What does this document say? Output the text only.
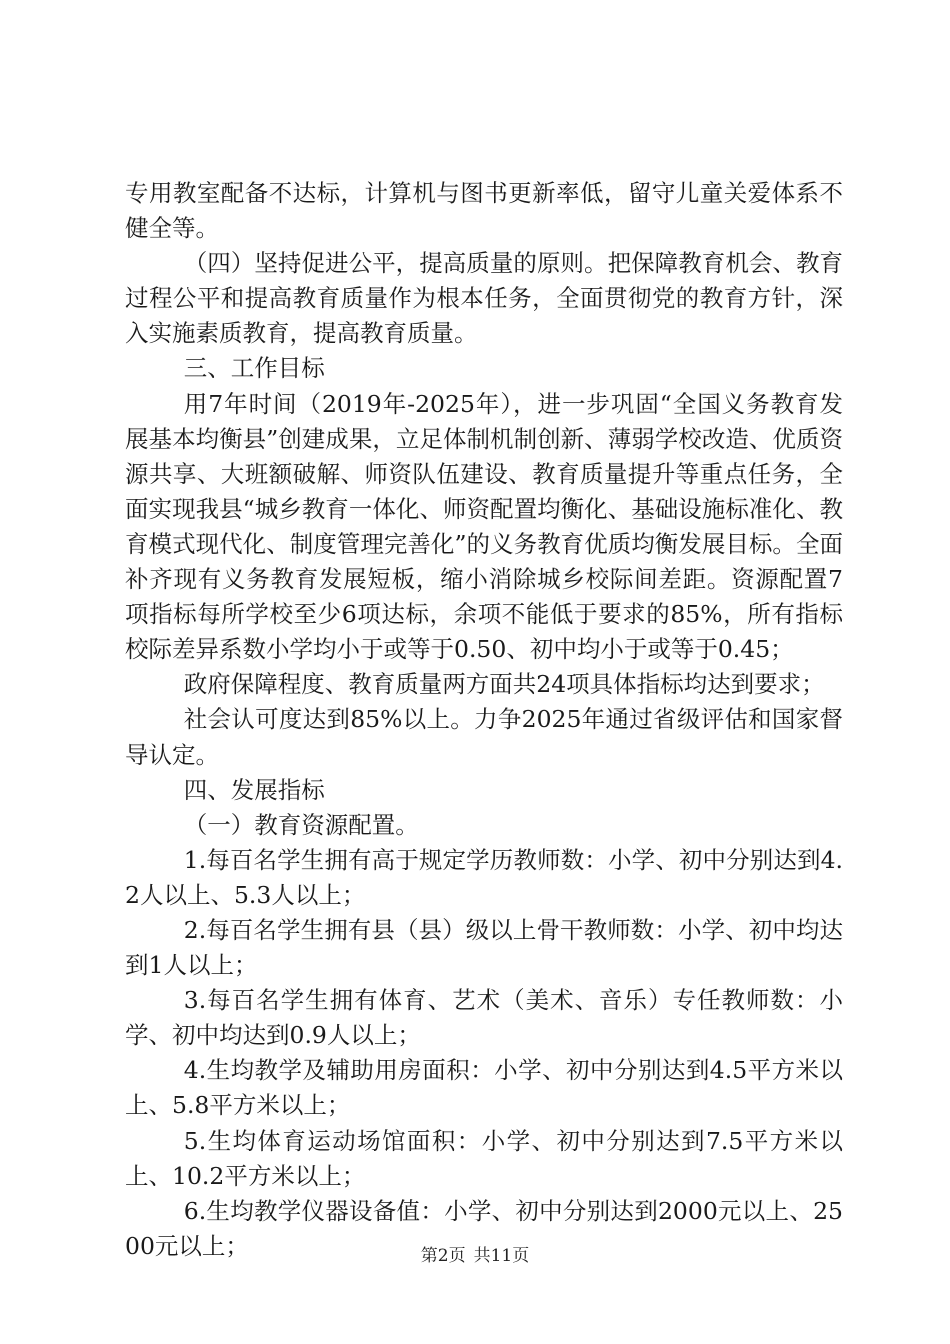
专用教室配备不达标，计算机与图书更新率低，留守儿童关爱体系不健全等。

（四）坚持促进公平，提高质量的原则。把保障教育机会、教育过程公平和提高教育质量作为根本任务，全面贯彻党的教育方针，深入实施素质教育，提高教育质量。

三、工作目标

用7年时间（2019年-2025年），进一步巩固“全国义务教育发展基本均衡县”创建成果，立足体制机制创新、薄弱学校改造、优质资源共享、大班额破解、师资队伍建设、教育质量提升等重点任务，全面实现我县“城乡教育一体化、师资配置均衡化、基础设施标准化、教育模式现代化、制度管理完善化”的义务教育优质均衡发展目标。全面补齐现有义务教育发展短板，缩小消除城乡校际间差距。资源配置7项指标每所学校至少6项达标，余项不能低于要求的85%，所有指标校际差异系数小学均小于或等于0.50、初中均小于或等于0.45；

政府保障程度、教育质量两方面共24项具体指标均达到要求；

社会认可度达到85%以上。力争2025年通过省级评估和国家督导认定。

四、发展指标

（一）教育资源配置。

1.每百名学生拥有高于规定学历教师数：小学、初中分别达到4.2人以上、5.3人以上；

2.每百名学生拥有县（县）级以上骨干教师数：小学、初中均达到1人以上；

3.每百名学生拥有体育、艺术（美术、音乐）专任教师数：小学、初中均达到0.9人以上；

4.生均教学及辅助用房面积：小学、初中分别达到4.5平方米以上、5.8平方米以上；

5.生均体育运动场馆面积：小学、初中分别达到7.5平方米以上、10.2平方米以上；

6.生均教学仪器设备值：小学、初中分别达到2000元以上、2500元以上；	第2页 共11页
